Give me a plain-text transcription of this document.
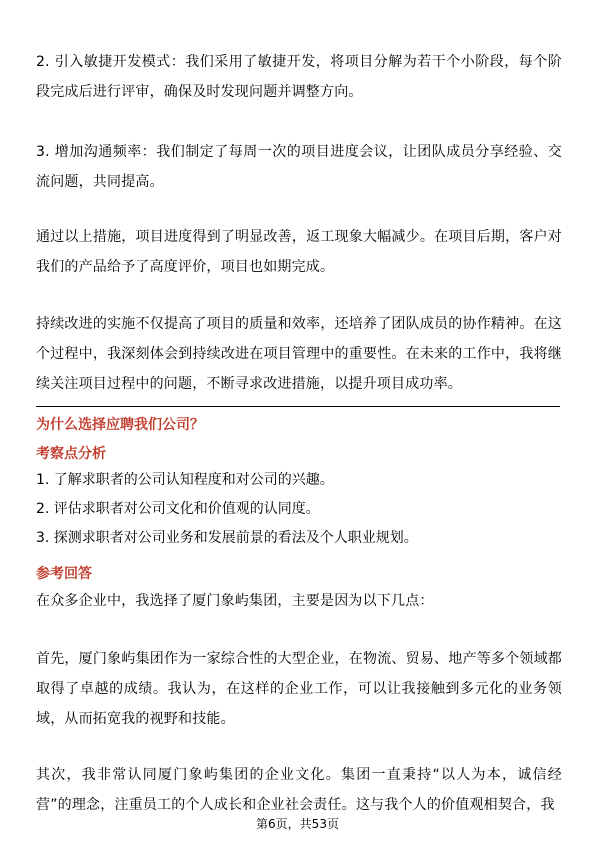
2. 引入敏捷开发模式：我们采用了敏捷开发，将项目分解为若干个小阶段，每个阶段完成后进行评审，确保及时发现问题并调整方向。

3. 增加沟通频率：我们制定了每周一次的项目进度会议，让团队成员分享经验、交流问题，共同提高。

通过以上措施，项目进度得到了明显改善，返工现象大幅减少。在项目后期，客户对我们的产品给予了高度评价，项目也如期完成。

持续改进的实施不仅提高了项目的质量和效率，还培养了团队成员的协作精神。在这个过程中，我深刻体会到持续改进在项目管理中的重要性。在未来的工作中，我将继续关注项目过程中的问题，不断寻求改进措施，以提升项目成功率。

为什么选择应聘我们公司？
考察点分析
1. 了解求职者的公司认知程度和对公司的兴趣。
2. 评估求职者对公司文化和价值观的认同度。
3. 探测求职者对公司业务和发展前景的看法及个人职业规划。
参考回答

在众多企业中，我选择了厦门象屿集团，主要是因为以下几点：

首先，厦门象屿集团作为一家综合性的大型企业，在物流、贸易、地产等多个领域都取得了卓越的成绩。我认为，在这样的企业工作，可以让我接触到多元化的业务领域，从而拓宽我的视野和技能。

其次，我非常认同厦门象屿集团的企业文化。集团一直秉持“以人为本，诚信经营”的理念，注重员工的个人成长和企业社会责任。这与我个人的价值观相契合，我

第6页，共53页
